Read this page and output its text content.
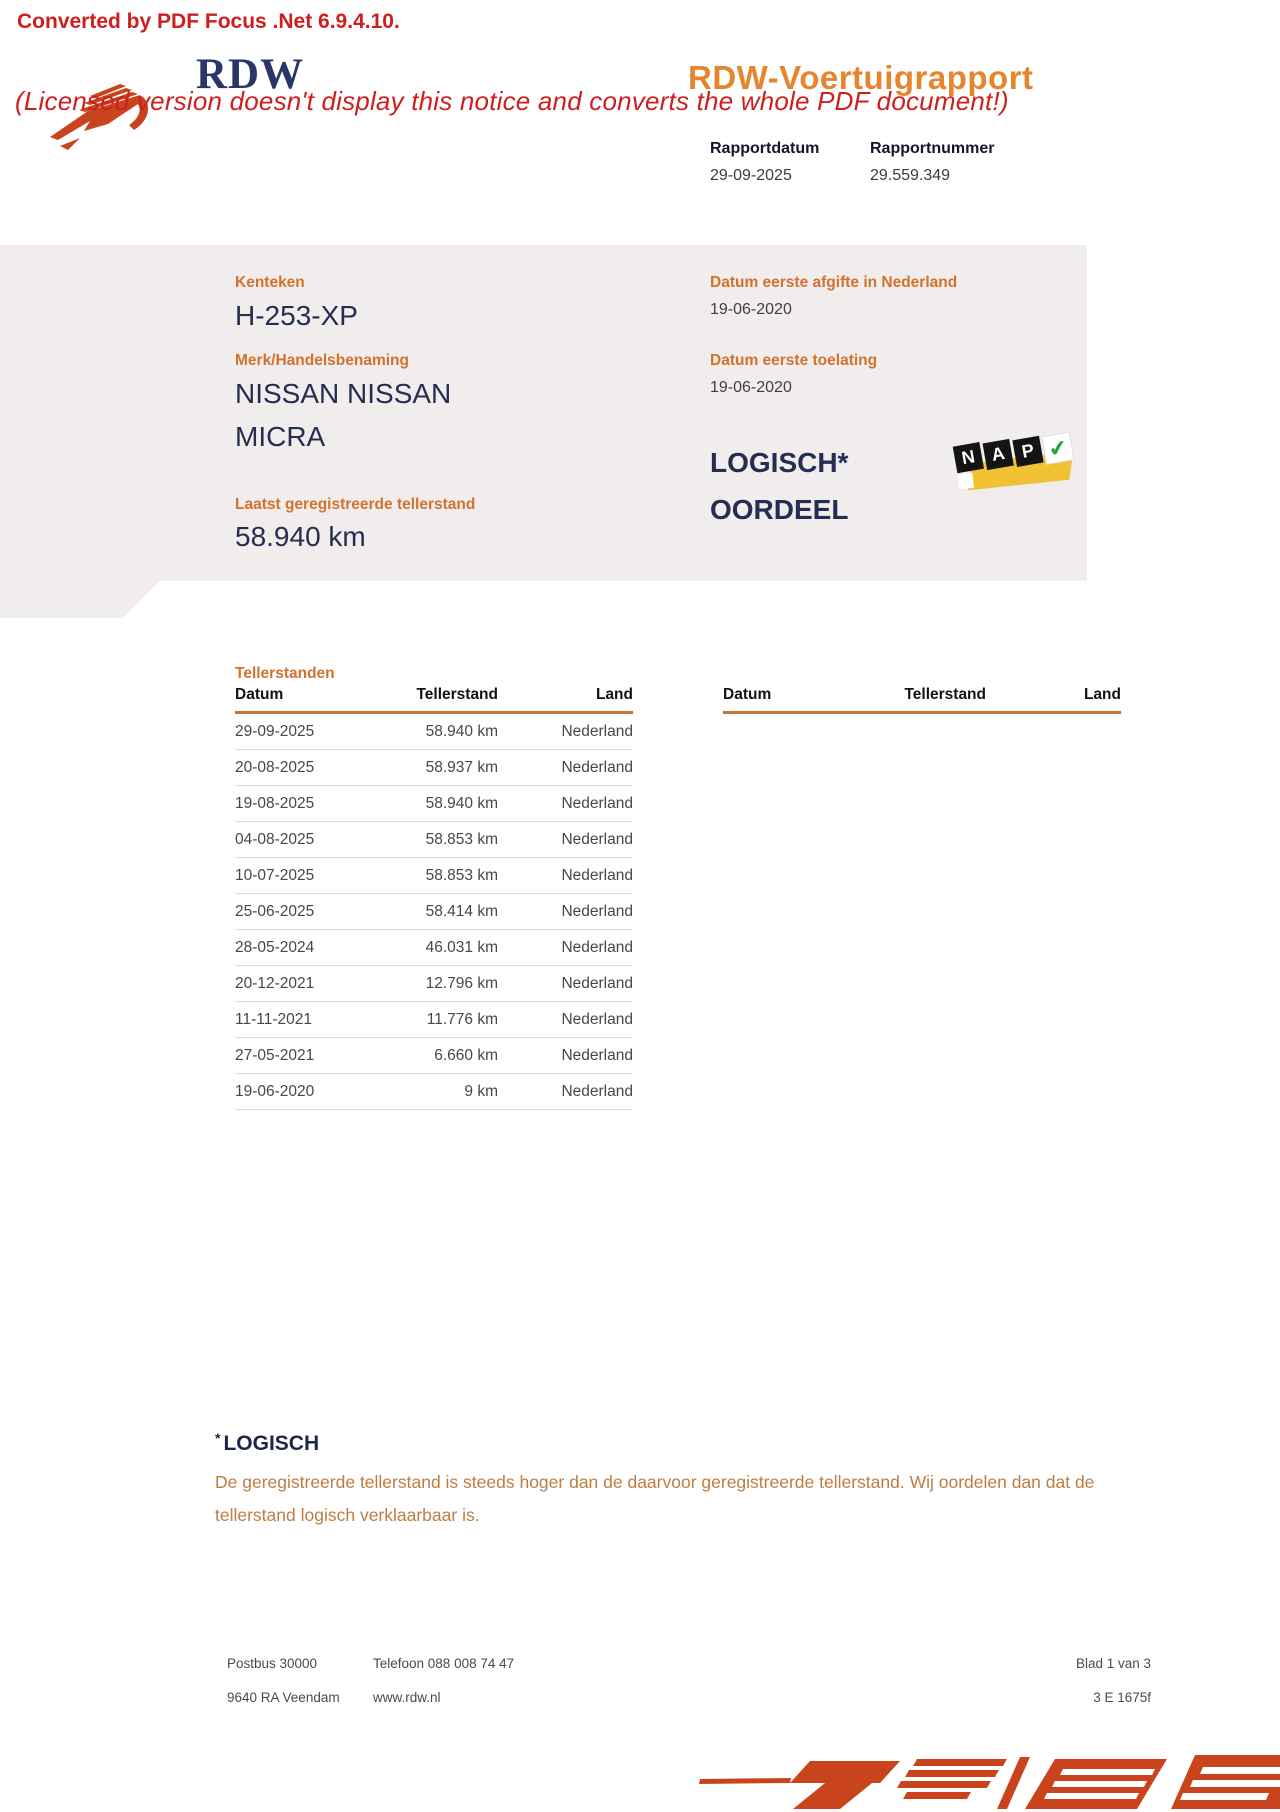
Converted by PDF Focus .Net 6.9.4.10.
(Licensed version doesn't display this notice and converts the whole PDF document!)
RDW	RDW-Voertuigrapport
Rapportdatum	Rapportnummer
29-09-2025	29.559.349
Kenteken
H-253-XP
Merk/Handelsbenaming
NISSAN NISSAN
MICRA
Laatst geregistreerde tellerstand
58.940 km
Datum eerste afgifte in Nederland
19-06-2020
Datum eerste toelating
19-06-2020
LOGISCH*
OORDEEL
N A P ✔
Tellerstanden
Datum	Tellerstand	Land
29-09-2025	58.940 km	Nederland
20-08-2025	58.937 km	Nederland
19-08-2025	58.940 km	Nederland
04-08-2025	58.853 km	Nederland
10-07-2025	58.853 km	Nederland
25-06-2025	58.414 km	Nederland
28-05-2024	46.031 km	Nederland
20-12-2021	12.796 km	Nederland
11-11-2021	11.776 km	Nederland
27-05-2021	6.660 km	Nederland
19-06-2020	9 km	Nederland
Datum	Tellerstand	Land
* LOGISCH
De geregistreerde tellerstand is steeds hoger dan de daarvoor geregistreerde tellerstand. Wij oordelen dan dat de tellerstand logisch verklaarbaar is.
Postbus 30000	Telefoon 088 008 74 47	Blad 1 van 3
9640 RA Veendam www.rdw.nl	3 E 1675f
